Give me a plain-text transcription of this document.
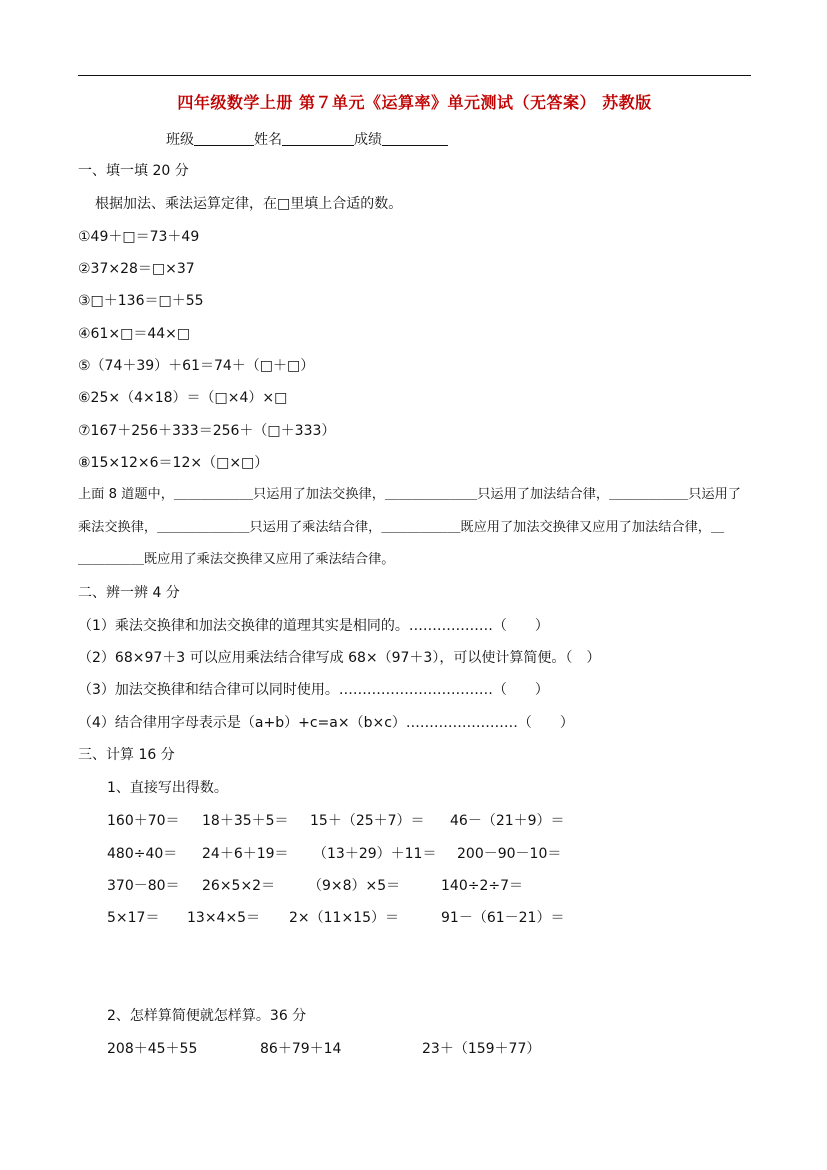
四年级数学上册 第７单元《运算率》单元测试（无答案） 苏教版
班级	姓名	成绩
一、填一填 20 分
根据加法、乘法运算定律，在□里填上合适的数。
①49＋□＝73＋49
②37×28＝□×37
③□＋136＝□＋55
④61×□＝44×□
⑤（74＋39）＋61＝74＋（□＋□）
⑥25×（4×18）＝（□×4）×□
⑦167＋256＋333＝256＋（□＋333）
⑧15×12×6＝12×（□×□）
上面 8 道题中，＿＿＿＿＿＿只运用了加法交换律，＿＿＿＿＿＿＿只运用了加法结合律，＿＿＿＿＿＿只运用了
乘法交换律，＿＿＿＿＿＿＿只运用了乘法结合律，＿＿＿＿＿＿既应用了加法交换律又应用了加法结合律，＿
＿＿＿＿＿既应用了乘法交换律又应用了乘法结合律。
二、辨一辨 4 分
（1）乘法交换律和加法交换律的道理其实是相同的。………………（　　）
（2）68×97＋3 可以应用乘法结合律写成 68×（97＋3），可以使计算简便。（　）
（3）加法交换律和结合律可以同时使用。……………………………（　　）
（4）结合律用字母表示是（a+b）+c=a×（b×c）……………………（　　）
三、计算 16 分
1、直接写出得数。
160＋70＝ 18＋35＋5＝ 15＋（25＋7）＝ 46－（21＋9）＝
480÷40＝ 24＋6＋19＝ （13＋29）＋11＝ 200－90－10＝
370－80＝ 26×5×2＝ （9×8）×5＝	140÷2÷7＝
5×17＝ 13×4×5＝ 2×（11×15）＝	91－（61－21）＝
2、怎样算简便就怎样算。36 分
208＋45＋55	86＋79＋14	23＋（159＋77）
